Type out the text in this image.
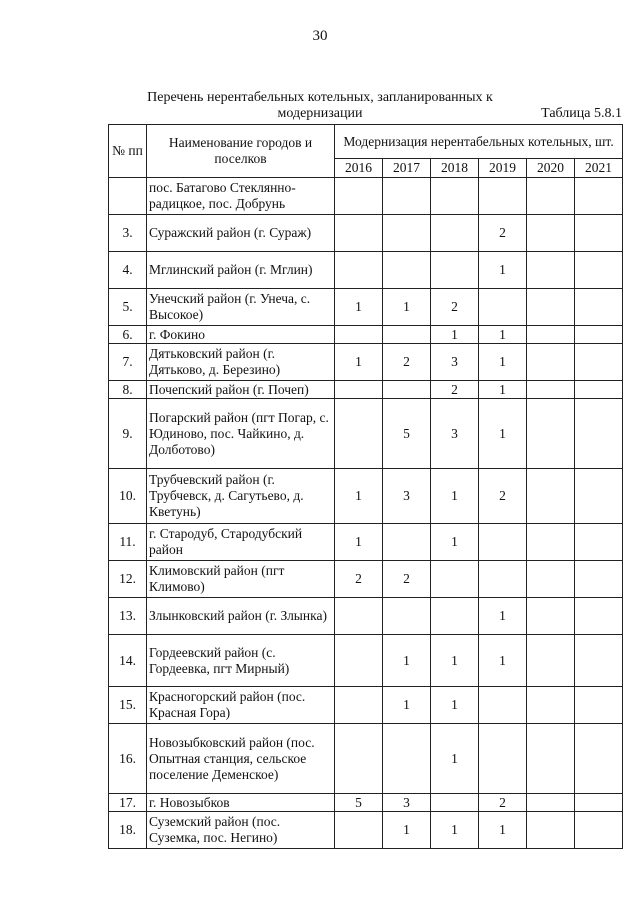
30
Перечень нерентабельных котельных, запланированных к
модернизации	Таблица 5.8.1
№ пп	Наименование городов и поселков	Модернизация нерентабельных котельных, шт.					
		2016	2017	2018	2019	2020	2021
	пос. Батагово Стеклянно-радицкое, пос. Добрунь						
3.	Суражский район (г. Сураж)				2		
4.	Мглинский район (г. Мглин)				1		
5.	Унечский район (г. Унеча, с. Высокое)	1	1	2			
6.	г. Фокино			1	1		
7.	Дятьковский район (г. Дятьково, д. Березино)	1	2	3	1		
8.	Почепский район (г. Почеп)			2	1		
9.	Погарский район (пгт Погар, с. Юдиново, пос. Чайкино, д. Долботово)		5	3	1		
10.	Трубчевский район (г. Трубчевск, д. Сагутьево, д. Кветунь)	1	3	1	2		
11.	г. Стародуб, Стародубский район	1		1			
12.	Климовский район (пгт Климово)	2	2				
13.	Злынковский район (г. Злынка)				1		
14.	Гордеевский район (с. Гордеевка, пгт Мирный)		1	1	1		
15.	Красногорский район (пос. Красная Гора)		1	1			
16.	Новозыбковский район (пос. Опытная станция, сельское поселение Деменское)			1			
17.	г. Новозыбков	5	3		2		
18.	Суземский район (пос. Суземка, пос. Негино)		1	1	1		
